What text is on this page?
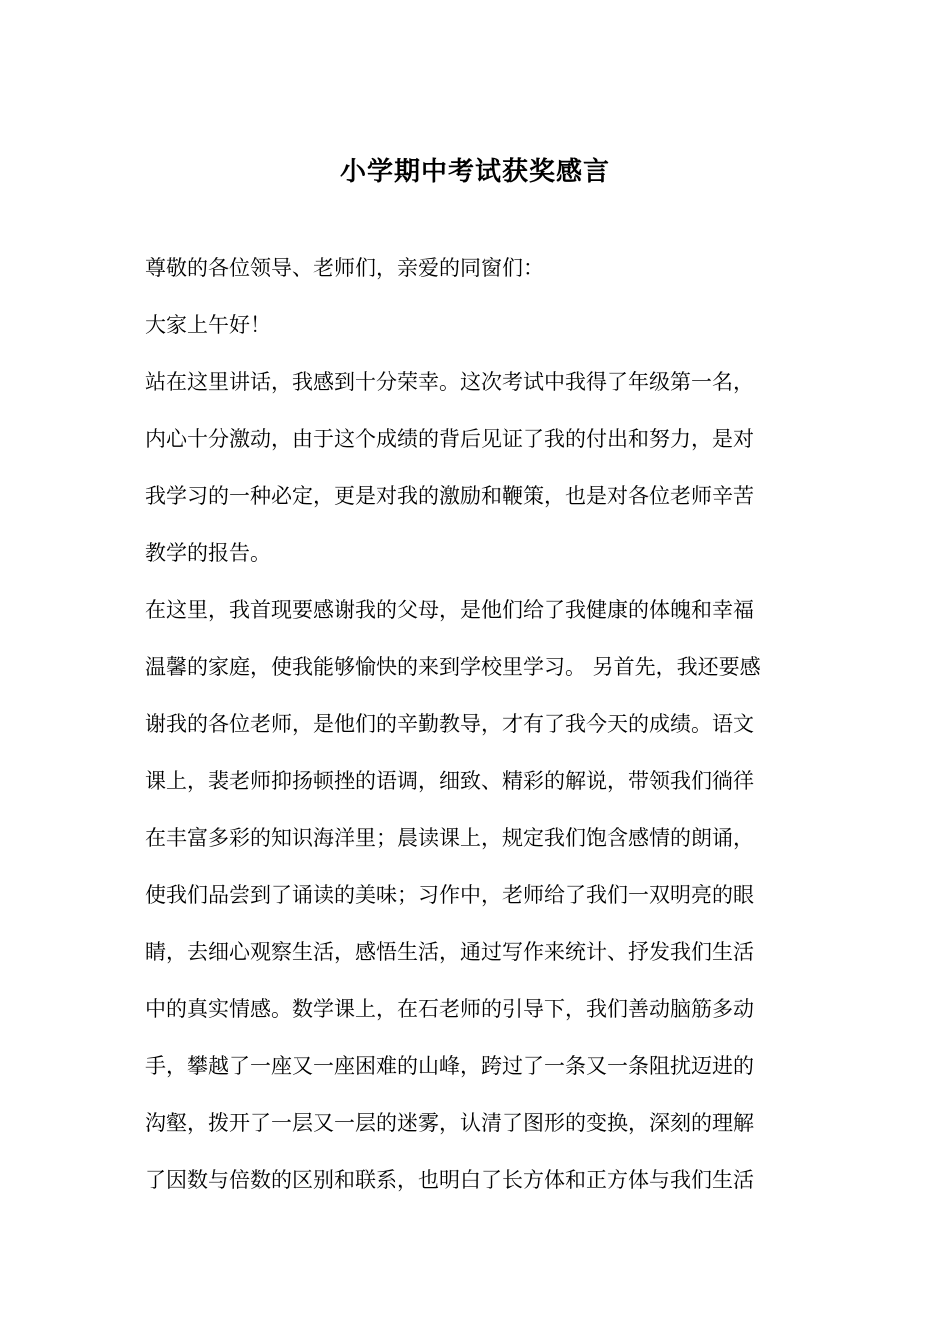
小学期中考试获奖感言
尊敬的各位领导、老师们，亲爱的同窗们：
大家上午好！
站在这里讲话，我感到十分荣幸。这次考试中我得了年级第一名，
内心十分激动，由于这个成绩的背后见证了我的付出和努力，是对
我学习的一种必定，更是对我的激励和鞭策，也是对各位老师辛苦
教学的报告。
在这里，我首现要感谢我的父母，是他们给了我健康的体魄和幸福
温馨的家庭，使我能够愉快的来到学校里学习。 另首先，我还要感
谢我的各位老师，是他们的辛勤教导，才有了我今天的成绩。语文
课上，裴老师抑扬顿挫的语调，细致、精彩的解说，带领我们徜徉
在丰富多彩的知识海洋里；晨读课上，规定我们饱含感情的朗诵，
使我们品尝到了诵读的美味；习作中，老师给了我们一双明亮的眼
睛，去细心观察生活，感悟生活，通过写作来统计、抒发我们生活
中的真实情感。数学课上，在石老师的引导下，我们善动脑筋多动
手，攀越了一座又一座困难的山峰，跨过了一条又一条阻扰迈进的
沟壑，拨开了一层又一层的迷雾，认清了图形的变换，深刻的理解
了因数与倍数的区别和联系，也明白了长方体和正方体与我们生活
